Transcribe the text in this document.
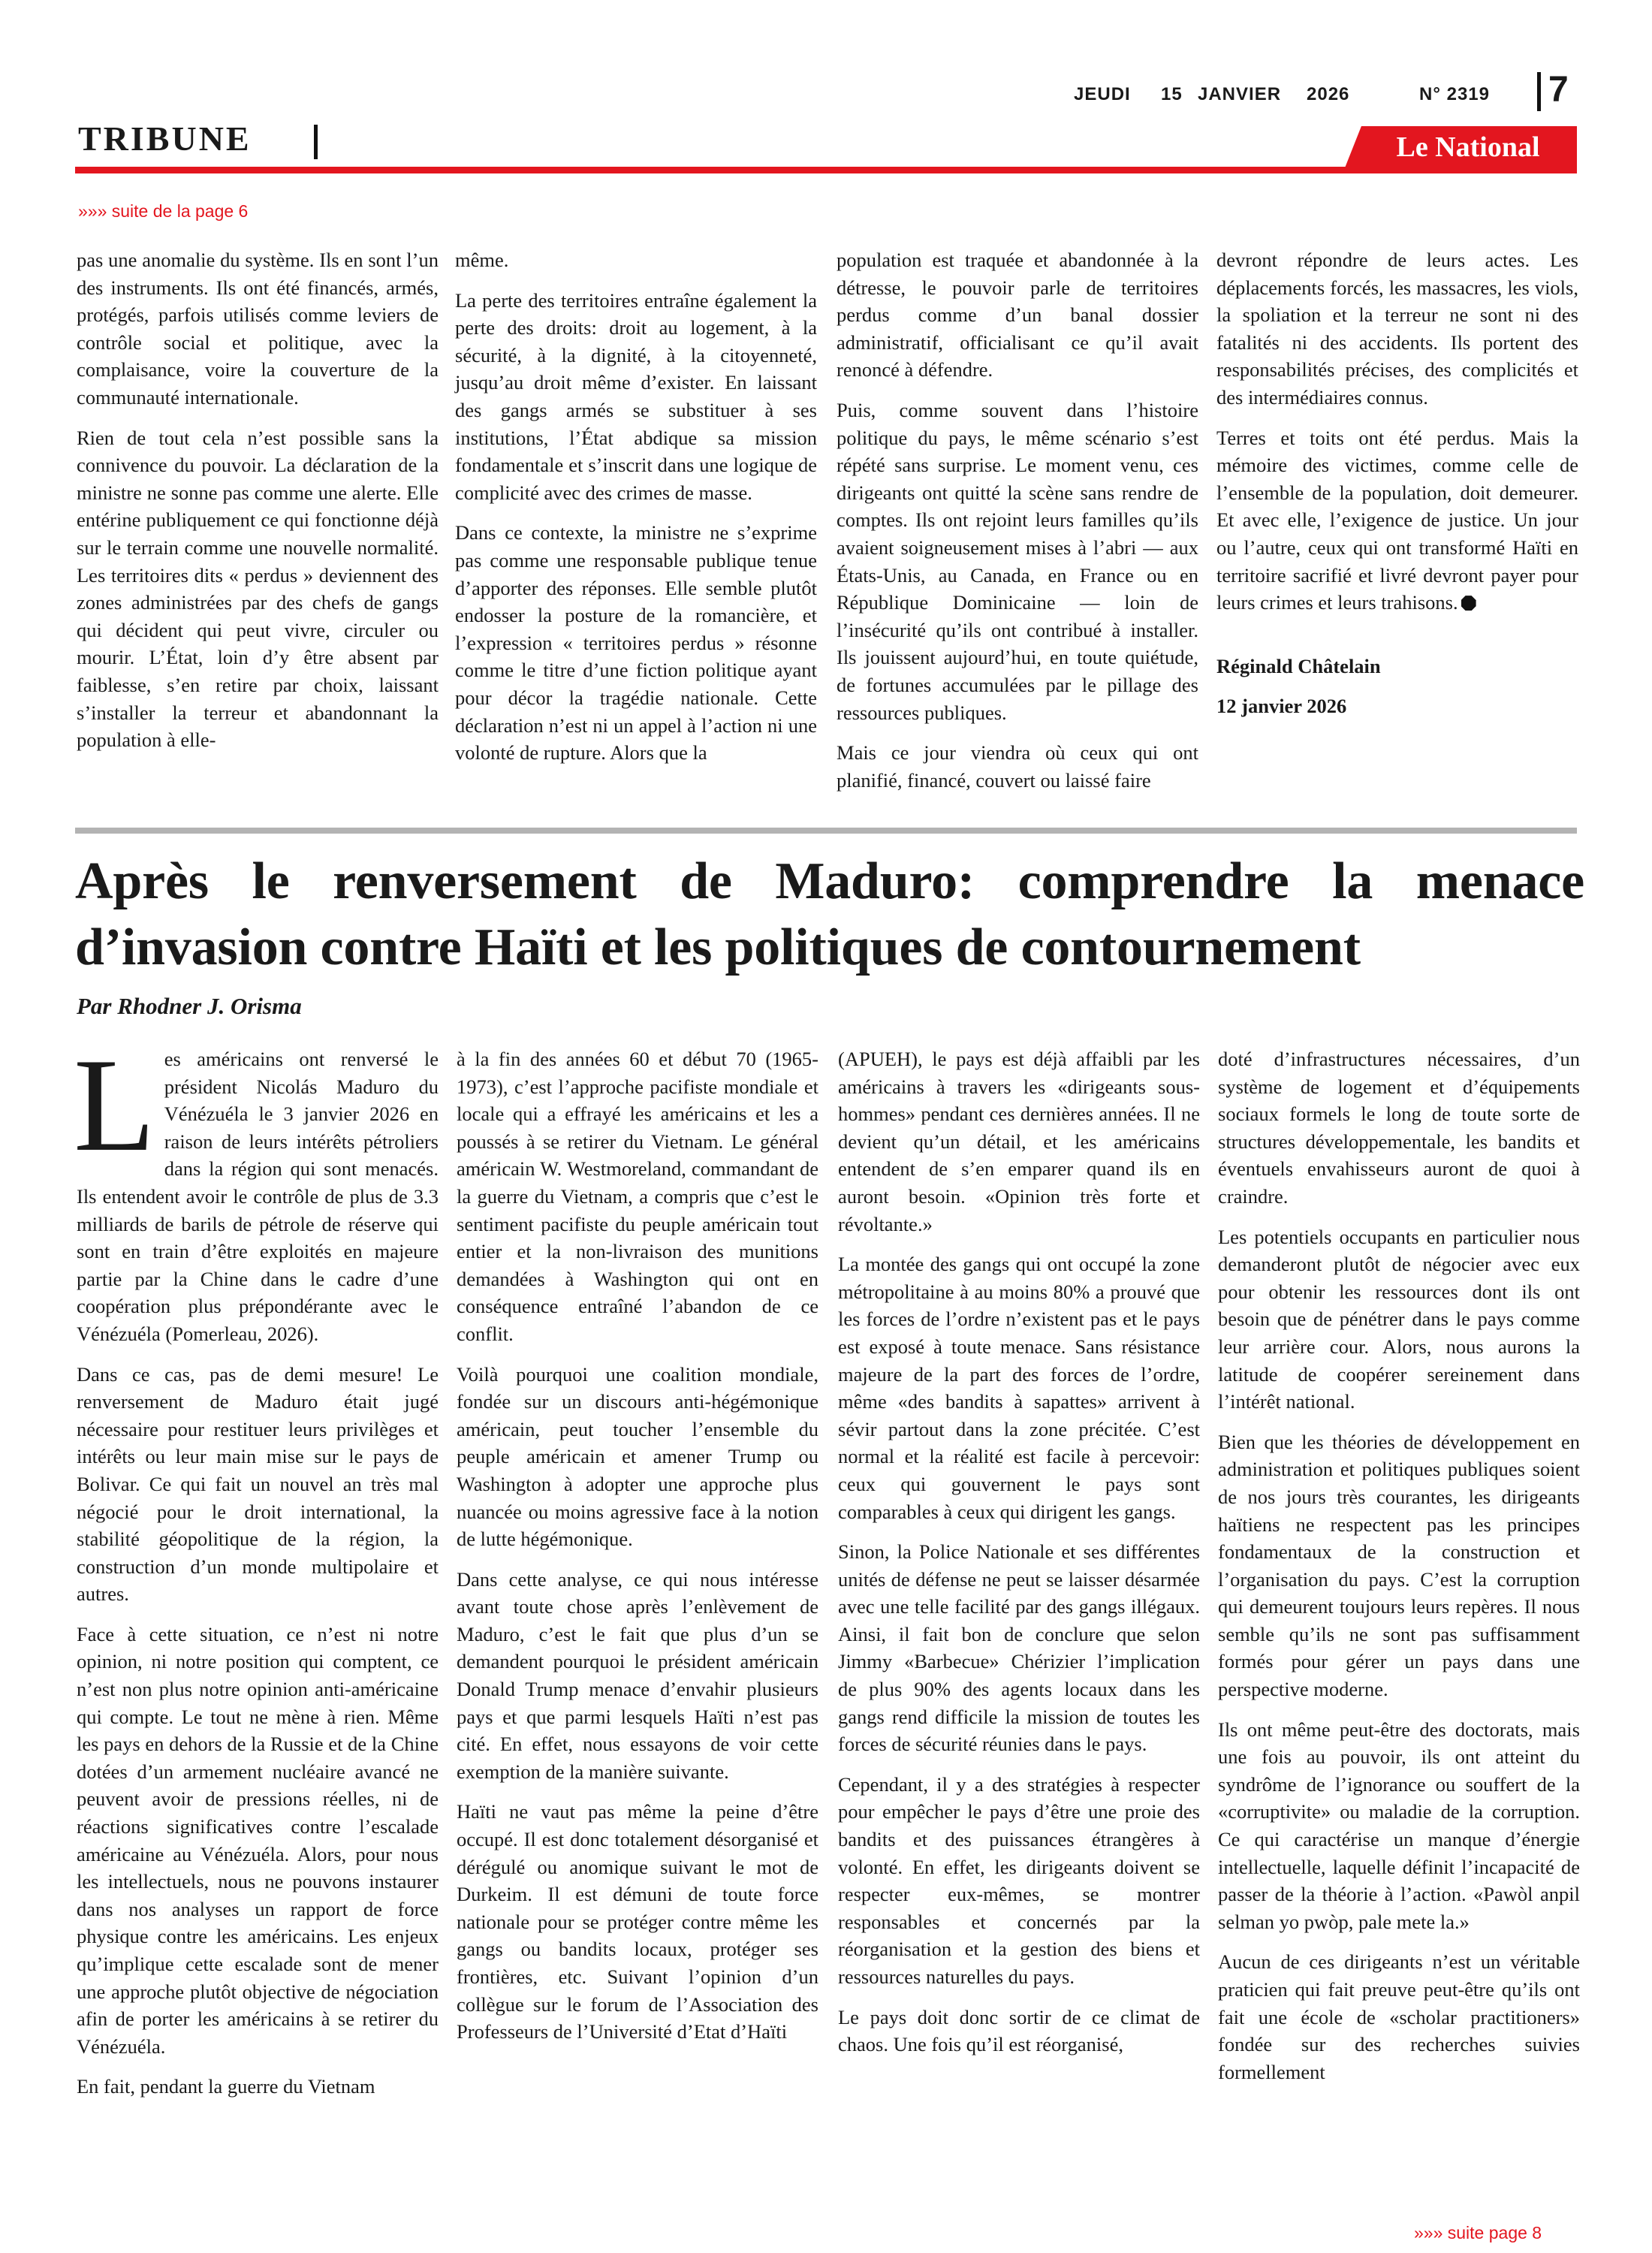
JEUDI 15 JANVIER 2026	N° 2319 7
TRIBUNE	Le National
»»» suite de la page 6

pas une anomalie du système. Ils en sont l’un des instruments. Ils ont été financés, armés, protégés, parfois utilisés comme leviers de contrôle social et politique, avec la complaisance, voire la couverture de la communauté internationale.

Rien de tout cela n’est possible sans la connivence du pouvoir. La déclaration de la ministre ne sonne pas comme une alerte. Elle entérine publiquement ce qui fonctionne déjà sur le terrain comme une nouvelle normalité. Les territoires dits « perdus » deviennent des zones administrées par des chefs de gangs qui décident qui peut vivre, circuler ou mourir. L’État, loin d’y être absent par faiblesse, s’en retire par choix, laissant s’installer la terreur et abandonnant la population à elle-

même.

La perte des territoires entraîne également la perte des droits: droit au logement, à la sécurité, à la dignité, à la citoyenneté, jusqu’au droit même d’exister. En laissant des gangs armés se substituer à ses institutions, l’État abdique sa mission fondamentale et s’inscrit dans une logique de complicité avec des crimes de masse.

Dans ce contexte, la ministre ne s’exprime pas comme une responsable publique tenue d’apporter des réponses. Elle semble plutôt endosser la posture de la romancière, et l’expression « territoires perdus » résonne comme le titre d’une fiction politique ayant pour décor la tragédie nationale. Cette déclaration n’est ni un appel à l’action ni une volonté de rupture. Alors que la

population est traquée et abandonnée à la détresse, le pouvoir parle de territoires perdus comme d’un banal dossier administratif, officialisant ce qu’il avait renoncé à défendre.

Puis, comme souvent dans l’histoire politique du pays, le même scénario s’est répété sans surprise. Le moment venu, ces dirigeants ont quitté la scène sans rendre de comptes. Ils ont rejoint leurs familles qu’ils avaient soigneusement mises à l’abri — aux États-Unis, au Canada, en France ou en République Dominicaine — loin de l’insécurité qu’ils ont contribué à installer. Ils jouissent aujourd’hui, en toute quiétude, de fortunes accumulées par le pillage des ressources publiques.

Mais ce jour viendra où ceux qui ont planifié, financé, couvert ou laissé faire

devront répondre de leurs actes. Les déplacements forcés, les massacres, les viols, la spoliation et la terreur ne sont ni des fatalités ni des accidents. Ils portent des responsabilités précises, des complicités et des intermédiaires connus.

Terres et toits ont été perdus. Mais la mémoire des victimes, comme celle de l’ensemble de la population, doit demeurer. Et avec elle, l’exigence de justice. Un jour ou l’autre, ceux qui ont transformé Haïti en territoire sacrifié et livré devront payer pour leurs crimes et leurs trahisons.

Réginald Châtelain

12 janvier 2026

Après le renversement de Maduro: comprendre la menace d’invasion contre Haïti et les politiques de contournement
Par Rhodner J. Orisma

Les américains ont renversé le président Nicolás Maduro du Vénézuéla le 3 janvier 2026 en raison de leurs intérêts pétroliers dans la région qui sont menacés. Ils entendent avoir le contrôle de plus de 3.3 milliards de barils de pétrole de réserve qui sont en train d’être exploités en majeure partie par la Chine dans le cadre d’une coopération plus prépondérante avec le Vénézuéla (Pomerleau, 2026).

Dans ce cas, pas de demi mesure! Le renversement de Maduro était jugé nécessaire pour restituer leurs privilèges et intérêts ou leur main mise sur le pays de Bolivar. Ce qui fait un nouvel an très mal négocié pour le droit international, la stabilité géopolitique de la région, la construction d’un monde multipolaire et autres.

Face à cette situation, ce n’est ni notre opinion, ni notre position qui comptent, ce n’est non plus notre opinion anti-américaine qui compte. Le tout ne mène à rien. Même les pays en dehors de la Russie et de la Chine dotées d’un armement nucléaire avancé ne peuvent avoir de pressions réelles, ni de réactions significatives contre l’escalade américaine au Vénézuéla. Alors, pour nous les intellectuels, nous ne pouvons instaurer dans nos analyses un rapport de force physique contre les américains. Les enjeux qu’implique cette escalade sont de mener une approche plutôt objective de négociation afin de porter les américains à se retirer du Vénézuéla.

En fait, pendant la guerre du Vietnam

à la fin des années 60 et début 70 (1965-1973), c’est l’approche pacifiste mondiale et locale qui a effrayé les américains et les a poussés à se retirer du Vietnam. Le général américain W. Westmoreland, commandant de la guerre du Vietnam, a compris que c’est le sentiment pacifiste du peuple américain tout entier et la non-livraison des munitions demandées à Washington qui ont en conséquence entraîné l’abandon de ce conflit.

Voilà pourquoi une coalition mondiale, fondée sur un discours anti-hégémonique américain, peut toucher l’ensemble du peuple américain et amener Trump ou Washington à adopter une approche plus nuancée ou moins agressive face à la notion de lutte hégémonique.

Dans cette analyse, ce qui nous intéresse avant toute chose après l’enlèvement de Maduro, c’est le fait que plus d’un se demandent pourquoi le président américain Donald Trump menace d’envahir plusieurs pays et que parmi lesquels Haïti n’est pas cité. En effet, nous essayons de voir cette exemption de la manière suivante.

Haïti ne vaut pas même la peine d’être occupé. Il est donc totalement désorganisé et dérégulé ou anomique suivant le mot de Durkeim. Il est démuni de toute force nationale pour se protéger contre même les gangs ou bandits locaux, protéger ses frontières, etc. Suivant l’opinion d’un collègue sur le forum de l’Association des Professeurs de l’Université d’Etat d’Haïti

(APUEH), le pays est déjà affaibli par les américains à travers les «dirigeants sous-hommes» pendant ces dernières années. Il ne devient qu’un détail, et les américains entendent de s’en emparer quand ils en auront besoin. «Opinion très forte et révoltante.»

La montée des gangs qui ont occupé la zone métropolitaine à au moins 80% a prouvé que les forces de l’ordre n’existent pas et le pays est exposé à toute menace. Sans résistance majeure de la part des forces de l’ordre, même «des bandits à sapattes» arrivent à sévir partout dans la zone précitée. C’est normal et la réalité est facile à percevoir: ceux qui gouvernent le pays sont comparables à ceux qui dirigent les gangs.

Sinon, la Police Nationale et ses différentes unités de défense ne peut se laisser désarmée avec une telle facilité par des gangs illégaux. Ainsi, il fait bon de conclure que selon Jimmy «Barbecue» Chérizier l’implication de plus 90% des agents locaux dans les gangs rend difficile la mission de toutes les forces de sécurité réunies dans le pays.

Cependant, il y a des stratégies à respecter pour empêcher le pays d’être une proie des bandits et des puissances étrangères à volonté. En effet, les dirigeants doivent se respecter eux-mêmes, se montrer responsables et concernés par la réorganisation et la gestion des biens et ressources naturelles du pays.

Le pays doit donc sortir de ce climat de chaos. Une fois qu’il est réorganisé,

doté d’infrastructures nécessaires, d’un système de logement et d’équipements sociaux formels le long de toute sorte de structures développementale, les bandits et éventuels envahisseurs auront de quoi à craindre.

Les potentiels occupants en particulier nous demanderont plutôt de négocier avec eux pour obtenir les ressources dont ils ont besoin que de pénétrer dans le pays comme leur arrière cour. Alors, nous aurons la latitude de coopérer sereinement dans l’intérêt national.

Bien que les théories de développement en administration et politiques publiques soient de nos jours très courantes, les dirigeants haïtiens ne respectent pas les principes fondamentaux de la construction et l’organisation du pays. C’est la corruption qui demeurent toujours leurs repères. Il nous semble qu’ils ne sont pas suffisamment formés pour gérer un pays dans une perspective moderne.

Ils ont même peut-être des doctorats, mais une fois au pouvoir, ils ont atteint du syndrôme de l’ignorance ou souffert de la «corruptivite» ou maladie de la corruption. Ce qui caractérise un manque d’énergie intellectuelle, laquelle définit l’incapacité de passer de la théorie à l’action. «Pawòl anpil selman yo pwòp, pale mete la.»

Aucun de ces dirigeants n’est un véritable praticien qui fait preuve peut-être qu’ils ont fait une école de «scholar practitioners» fondée sur des recherches suivies formellement

»»» suite page 8
